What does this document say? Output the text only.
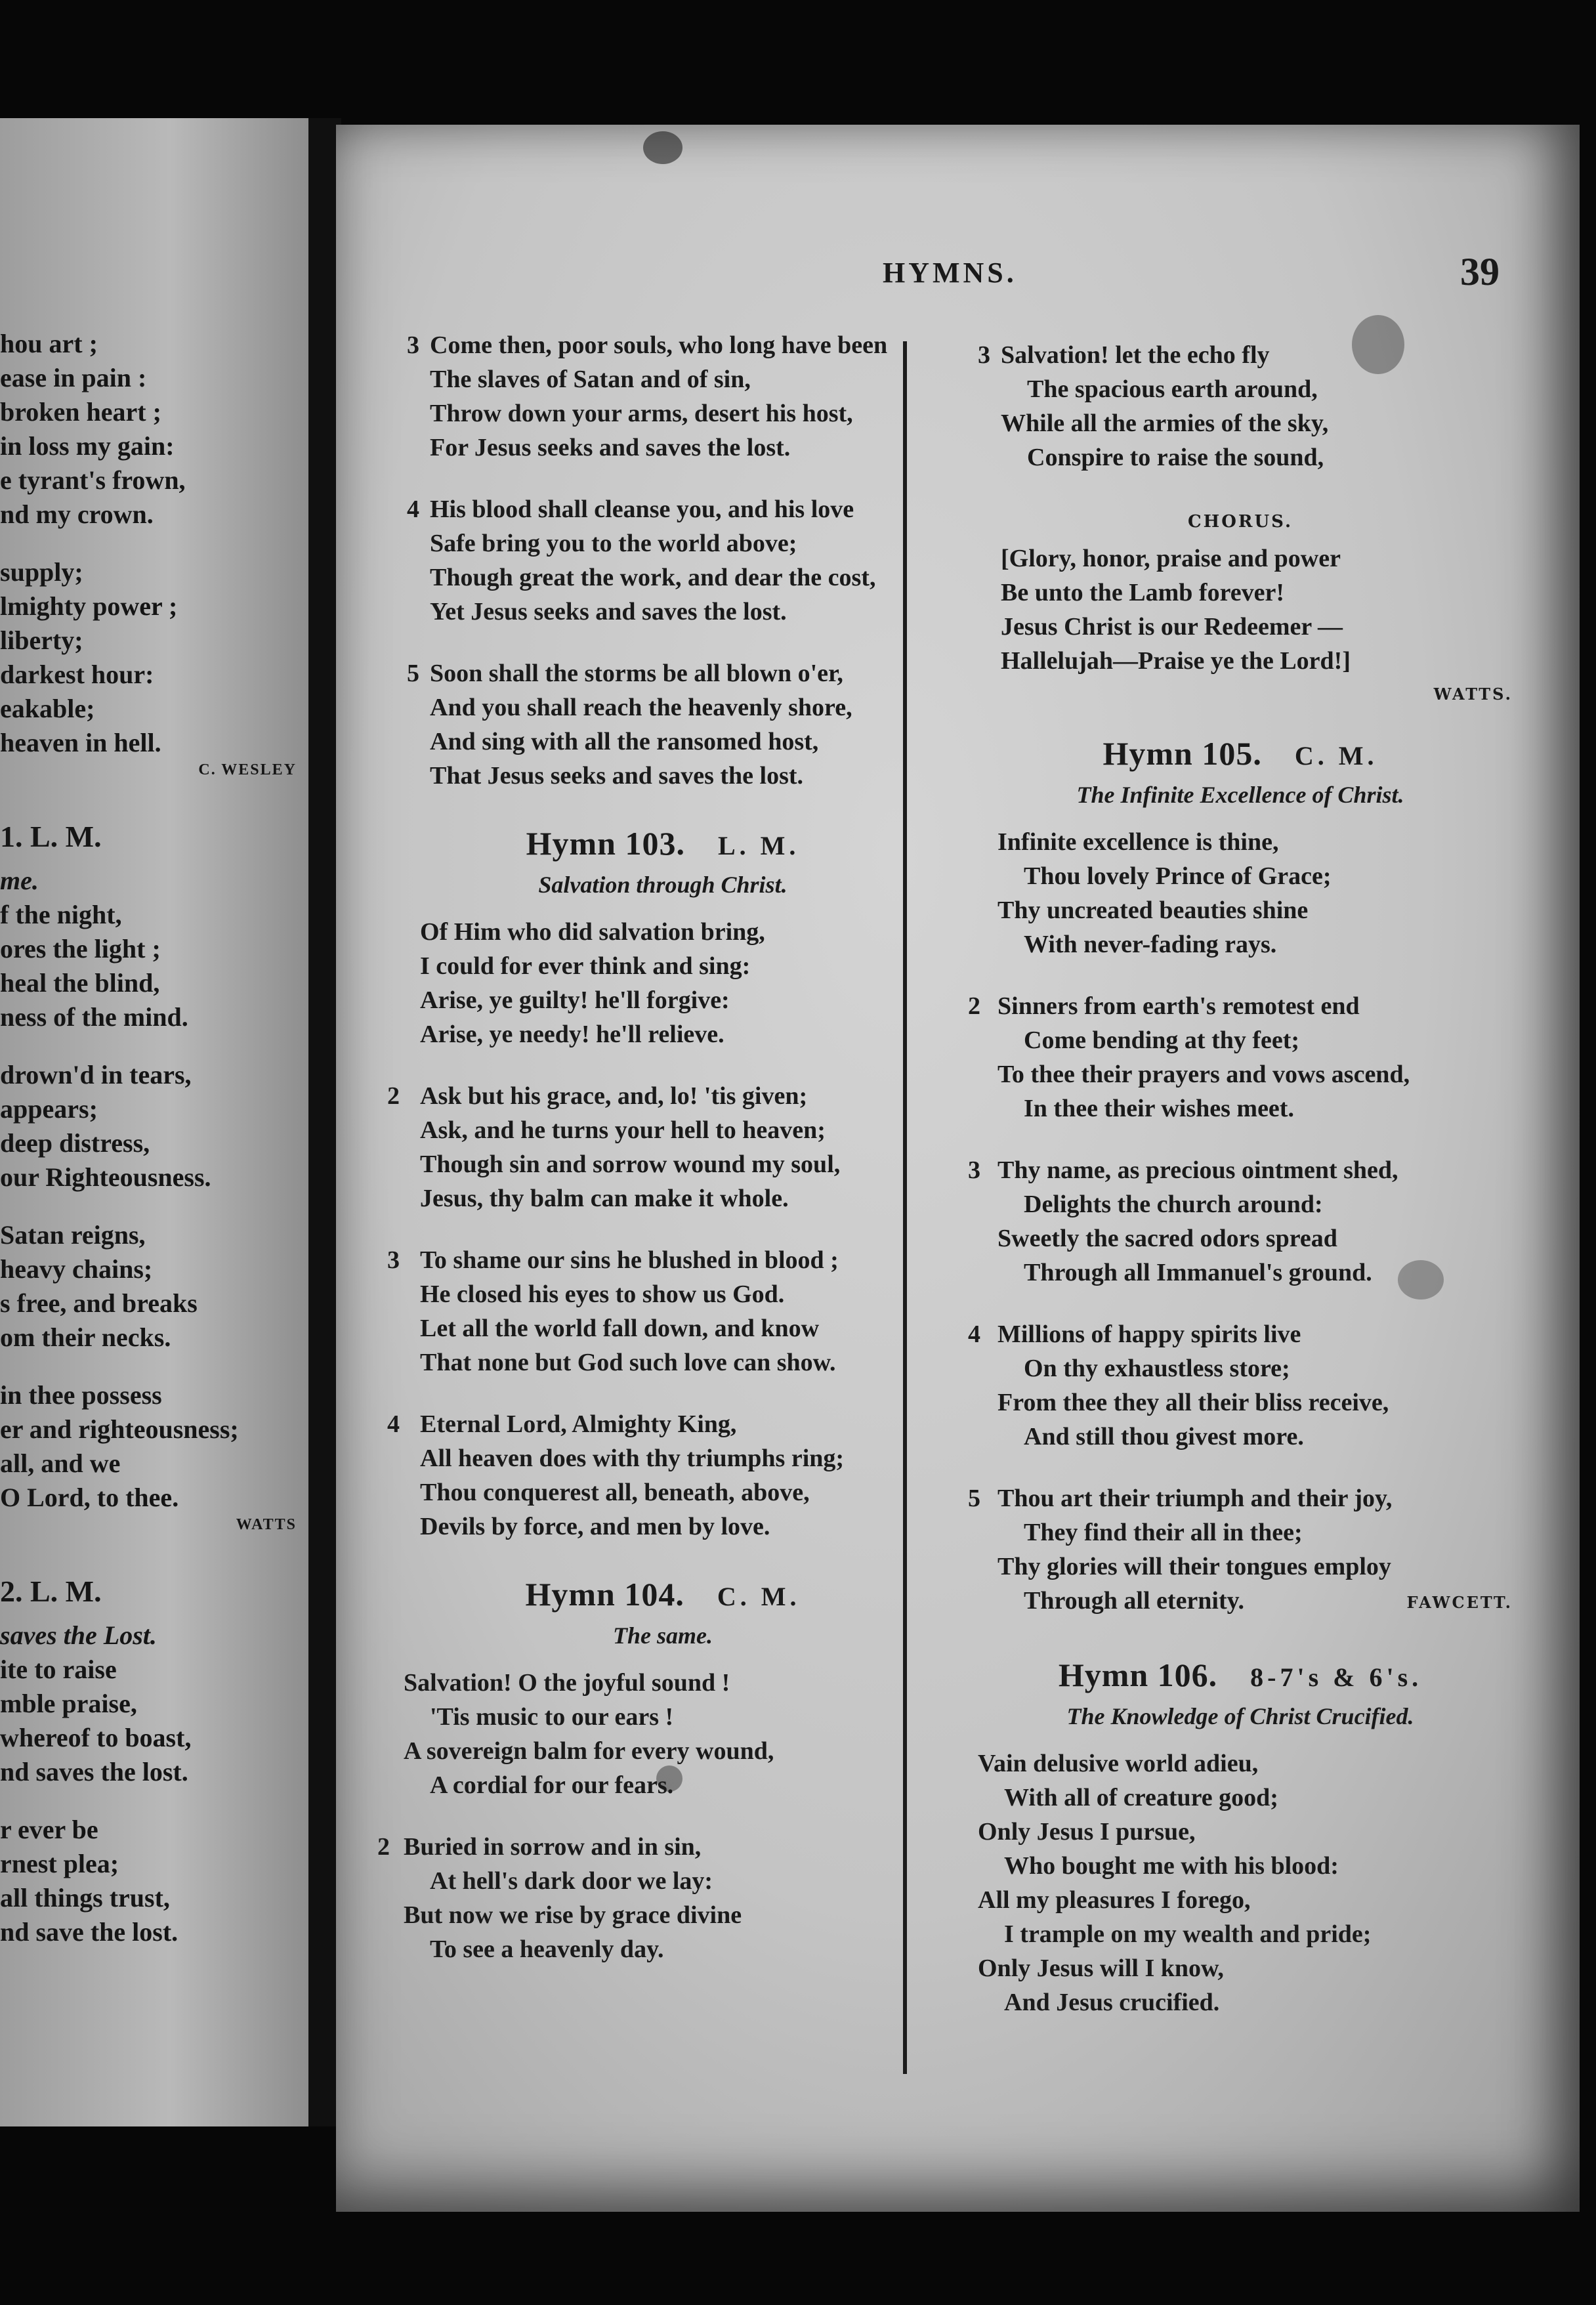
hou art ;
ease in pain :
broken heart ;
in loss my gain:
e tyrant's frown,
nd my crown.
supply;
lmighty power ;
liberty;
darkest hour:
eakable;
heaven in hell.
C. WESLEY
1. L. M.
me.
f the night,
ores the light ;
heal the blind,
ness of the mind.
drown'd in tears,
appears;
deep distress,
our Righteousness.
Satan reigns,
heavy chains;
s free, and breaks
om their necks.
in thee possess
er and righteousness;
all, and we
O Lord, to thee.
WATTS
2. L. M.
saves the Lost.
ite to raise
mble praise,
whereof to boast,
nd saves the lost.
r ever be
rnest plea;
all things trust,
nd save the lost.
HYMNS.	39
3 Come then, poor souls, who long have been
The slaves of Satan and of sin,
Throw down your arms, desert his host,
For Jesus seeks and saves the lost.
4 His blood shall cleanse you, and his love
Safe bring you to the world above;
Though great the work, and dear the cost,
Yet Jesus seeks and saves the lost.
5 Soon shall the storms be all blown o'er,
And you shall reach the heavenly shore,
And sing with all the ransomed host,
That Jesus seeks and saves the lost.
Hymn 103. L. M.
Salvation through Christ.
Of Him who did salvation bring,
I could for ever think and sing:
Arise, ye guilty! he'll forgive:
Arise, ye needy! he'll relieve.
2 Ask but his grace, and, lo! 'tis given;
Ask, and he turns your hell to heaven;
Though sin and sorrow wound my soul,
Jesus, thy balm can make it whole.
3 To shame our sins he blushed in blood ;
He closed his eyes to show us God.
Let all the world fall down, and know
That none but God such love can show.
4 Eternal Lord, Almighty King,
All heaven does with thy triumphs ring;
Thou conquerest all, beneath, above,
Devils by force, and men by love.
Hymn 104. C. M.
The same.
Salvation! O the joyful sound !
'Tis music to our ears !
A sovereign balm for every wound,
A cordial for our fears.
2 Buried in sorrow and in sin,
At hell's dark door we lay:
But now we rise by grace divine
To see a heavenly day.
3 Salvation! let the echo fly
The spacious earth around,
While all the armies of the sky,
Conspire to raise the sound,
CHORUS.
[Glory, honor, praise and power
Be unto the Lamb forever!
Jesus Christ is our Redeemer —
Hallelujah—Praise ye the Lord!]
WATTS.
Hymn 105. C. M.
The Infinite Excellence of Christ.
Infinite excellence is thine,
Thou lovely Prince of Grace;
Thy uncreated beauties shine
With never-fading rays.
2 Sinners from earth's remotest end
Come bending at thy feet;
To thee their prayers and vows ascend,
In thee their wishes meet.
3 Thy name, as precious ointment shed,
Delights the church around:
Sweetly the sacred odors spread
Through all Immanuel's ground.
4 Millions of happy spirits live
On thy exhaustless store;
From thee they all their bliss receive,
And still thou givest more.
5 Thou art their triumph and their joy,
They find their all in thee;
Thy glories will their tongues employ
Through all eternity.	FAWCETT.
Hymn 106. 8-7's & 6's.
The Knowledge of Christ Crucified.
Vain delusive world adieu,
With all of creature good;
Only Jesus I pursue,
Who bought me with his blood:
All my pleasures I forego,
I trample on my wealth and pride;
Only Jesus will I know,
And Jesus crucified.
